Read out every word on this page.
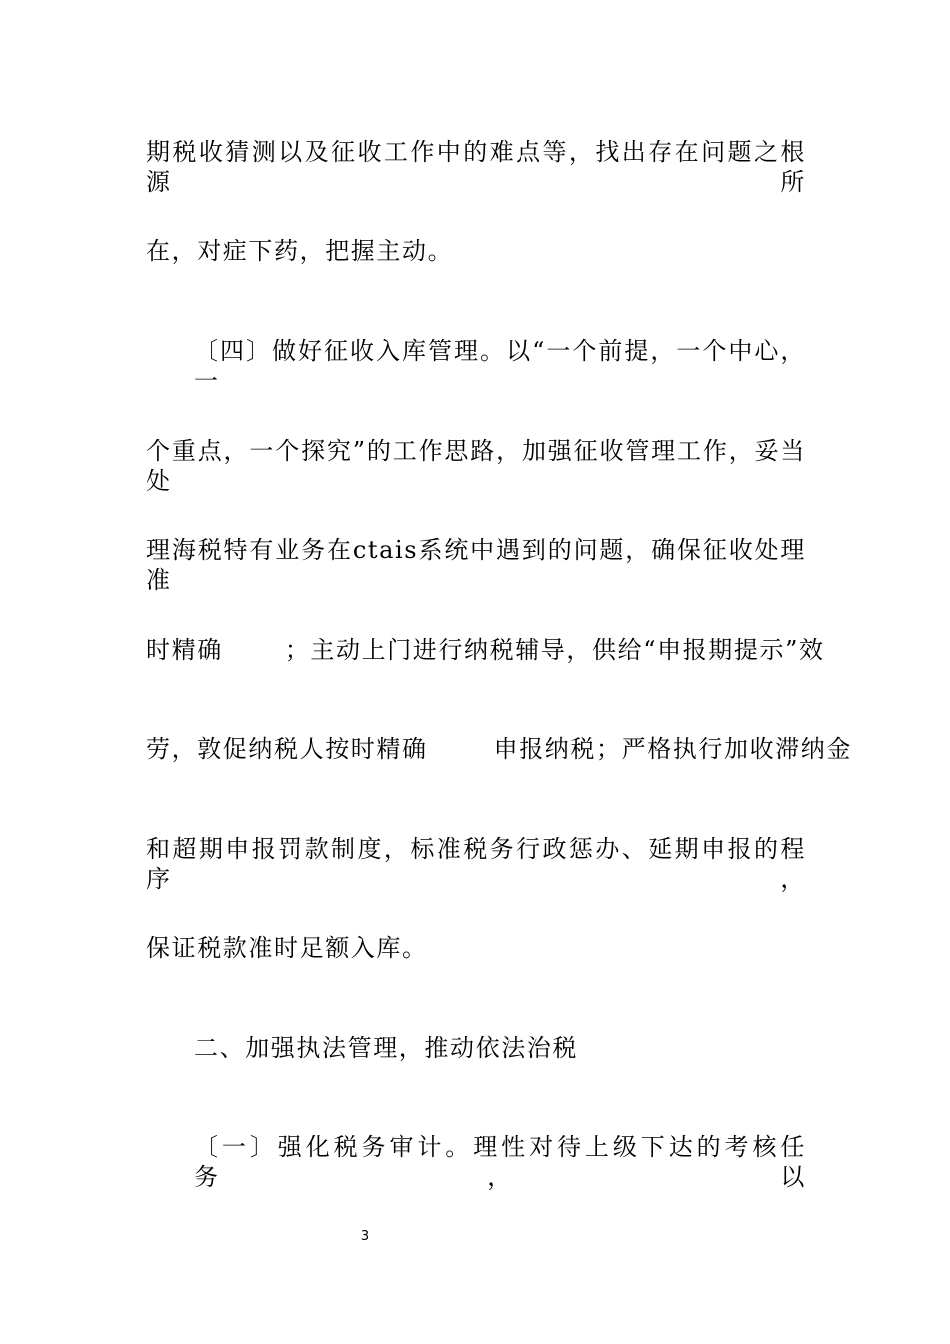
期税收猜测以及征收工作中的难点等，找出存在问题之根源所
在，对症下药，把握主动。
〔四〕做好征收入库管理。以“一个前提，一个中心，一
个重点，一个探究”的工作思路，加强征收管理工作，妥当处
理海税特有业务在ctais系统中遇到的问题，确保征收处理准
时精确	；主动上门进行纳税辅导，供给“申报期提示”效
劳，敦促纳税人按时精确	申报纳税；严格执行加收滞纳金
和超期申报罚款制度，标准税务行政惩办、延期申报的程序，
保证税款准时足额入库。
二、加强执法管理，推动依法治税
〔一〕强化税务审计。理性对待上级下达的考核任务，以
3
